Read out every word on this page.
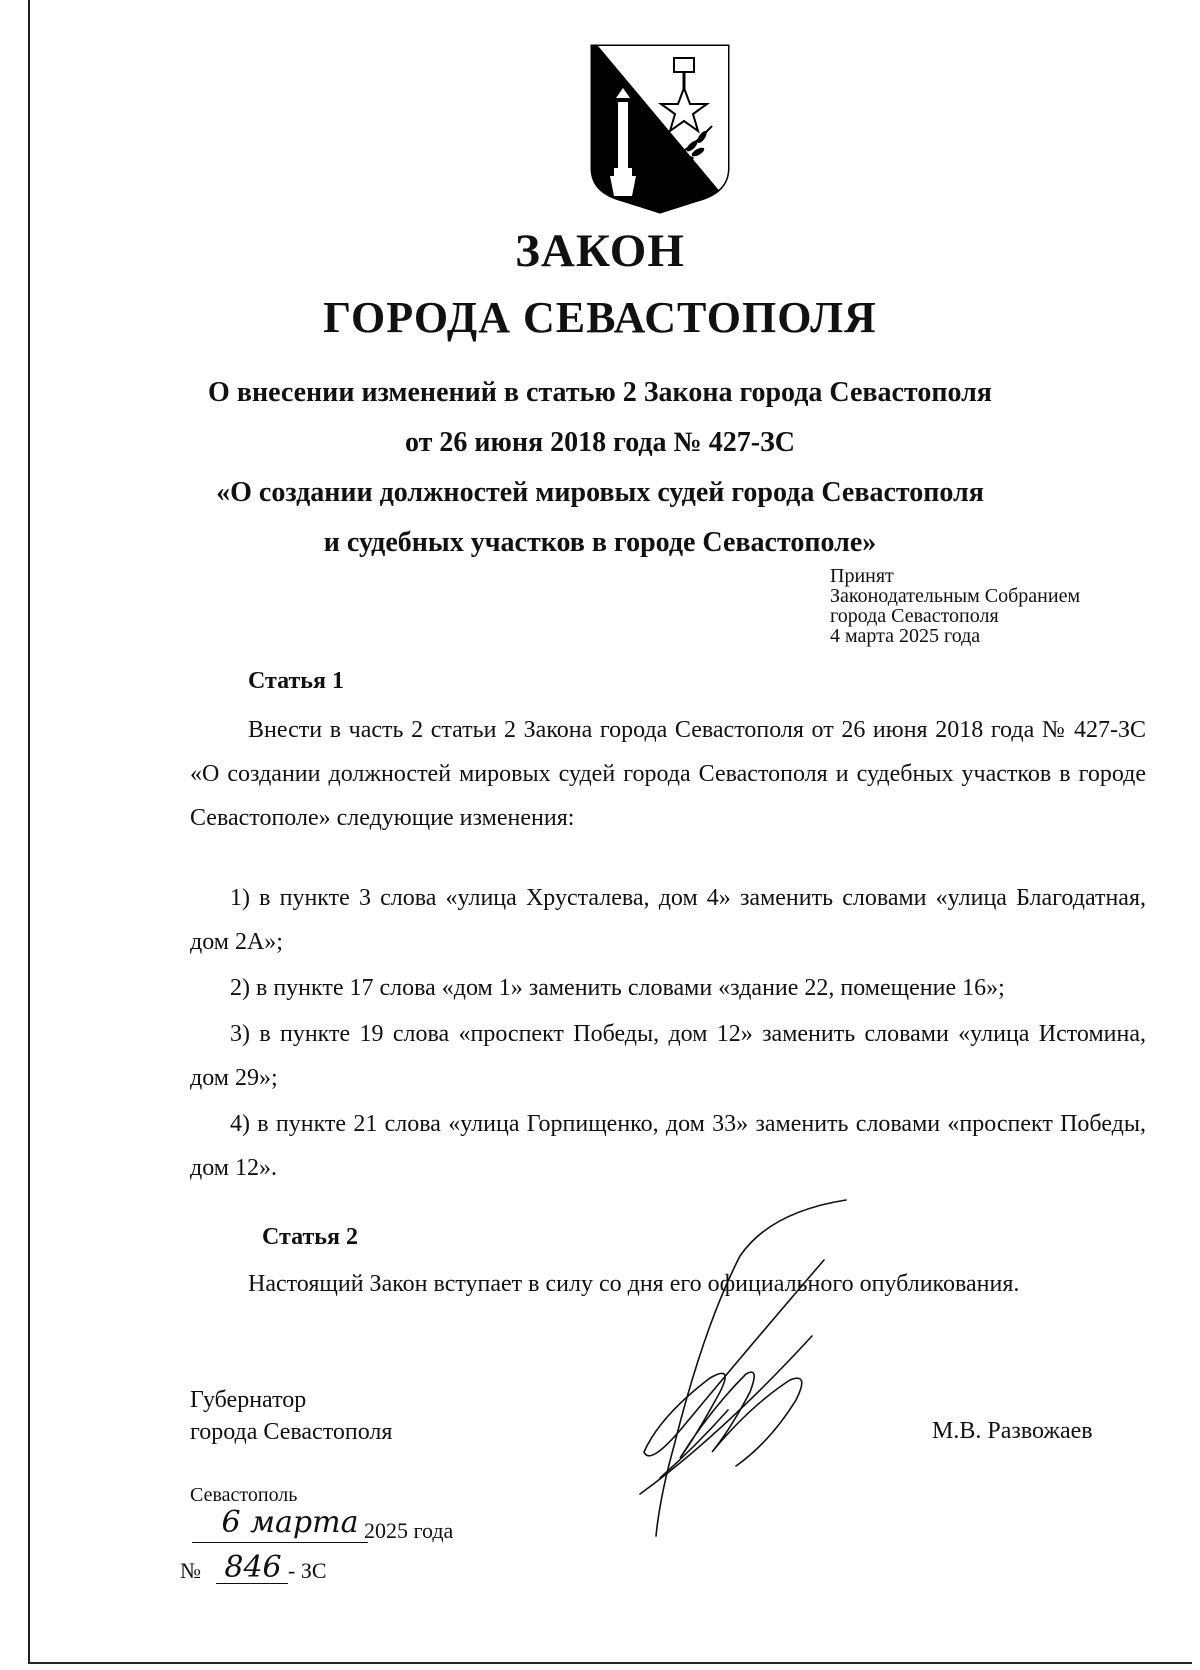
ЗАКОН
ГОРОДА СЕВАСТОПОЛЯ
О внесении изменений в статью 2 Закона города Севастополя
от 26 июня 2018 года № 427-ЗС
«О создании должностей мировых судей города Севастополя
и судебных участков в городе Севастополе»
Принят
Законодательным Собранием
города Севастополя
4 марта 2025 года
Статья 1
Внести в часть 2 статьи 2 Закона города Севастополя от 26 июня 2018 года № 427-ЗС «О создании должностей мировых судей города Севастополя и судебных участков в городе Севастополе» следующие изменения:
1) в пункте 3 слова «улица Хрусталева, дом 4» заменить словами «улица Благодатная, дом 2А»;
2) в пункте 17 слова «дом 1» заменить словами «здание 22, помещение 16»;
3) в пункте 19 слова «проспект Победы, дом 12» заменить словами «улица Истомина, дом 29»;
4) в пункте 21 слова «улица Горпищенко, дом 33» заменить словами «проспект Победы, дом 12».
Статья 2
Настоящий Закон вступает в силу со дня его официального опубликования.
Губернатор
города Севастополя	М.В. Развожаев
Севастополь
6 марта 2025 года
№ 846 - ЗС
